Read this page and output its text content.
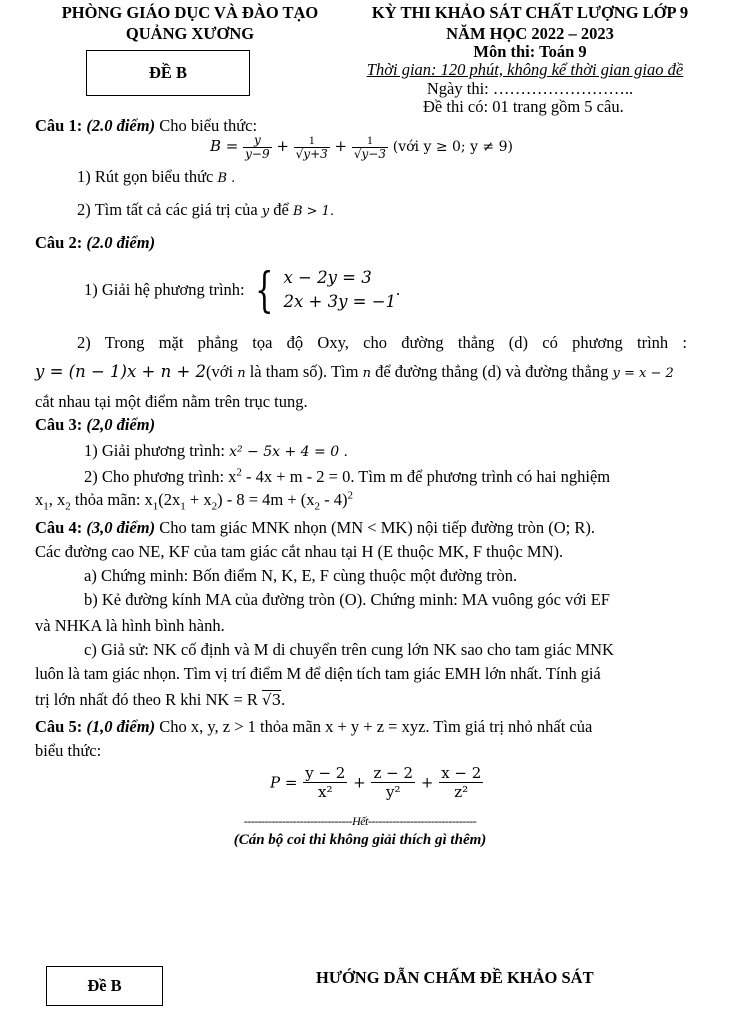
PHÒNG GIÁO DỤC VÀ ĐÀO TẠO
QUẢNG XƯƠNG
KỲ THI KHẢO SÁT CHẤT LƯỢNG LỚP 9
NĂM HỌC 2022 – 2023
Môn thi: Toán 9
Thời gian: 120 phút, không kể thời gian giao đề
Ngày thi: ……………………..
Đề thi có: 01 trang gồm 5 câu.
ĐỀ B
Câu 1: (2.0 điểm) Cho biểu thức:
$B = \frac{y}{y-9} + \frac{1}{√y+3} + \frac{1}{√y-3}$ (với y ≥ 0; y ≠ 9)
1) Rút gọn biểu thức B .
2) Tìm tất cả các giá trị của y để B > 1.
Câu 2: (2.0 điểm)
1) Giải hệ phương trình: { x − 2y = 3
2x + 3y = −1
.
2) Trong mặt phẳng tọa độ Oxy, cho đường thẳng (d) có phương trình :
y = (n − 1)x + n + 2(với n là tham số). Tìm n để đường thẳng (d) và đường thẳng y = x − 2
cắt nhau tại một điểm nằm trên trục tung.
Câu 3: (2,0 điểm)
1) Giải phương trình: x² − 5x + 4 = 0 .
2) Cho phương trình: $x^2 - 4x + m - 2 = 0$. Tìm m để phương trình có hai nghiệm
$x_1$, $x_2$ thỏa mãn: $x_1(2x_1 + x_2) - 8 = 4m + (x_2 - 4)^2$
Câu 4: (3,0 điểm) Cho tam giác MNK nhọn (MN < MK) nội tiếp đường tròn (O; R).
Các đường cao NE, KF của tam giác cắt nhau tại H (E thuộc MK, F thuộc MN).
a) Chứng minh: Bốn điểm N, K, E, F cùng thuộc một đường tròn.
b) Kẻ đường kính MA của đường tròn (O). Chứng minh: MA vuông góc với EF
và NHKA là hình bình hành.
c) Giả sử: NK cố định và M di chuyển trên cung lớn NK sao cho tam giác MNK
luôn là tam giác nhọn. Tìm vị trí điểm M để diện tích tam giác EMH lớn nhất. Tính giá
trị lớn nhất đó theo R khi NK = R √3.
Câu 5: (1,0 điểm) Cho x, y, z > 1 thỏa mãn x + y + z = xyz. Tìm giá trị nhỏ nhất của
biểu thức:
$P = \frac{y - 2}{\text{x²}} + \frac{z - 2}{\text{y²}} + \frac{x - 2}{\text{z²}}$
-------------------------------Hết-------------------------------
(Cán bộ coi thi không giải thích gì thêm)
Đề B	HƯỚNG DẪN CHẤM ĐỀ KHẢO SÁT
